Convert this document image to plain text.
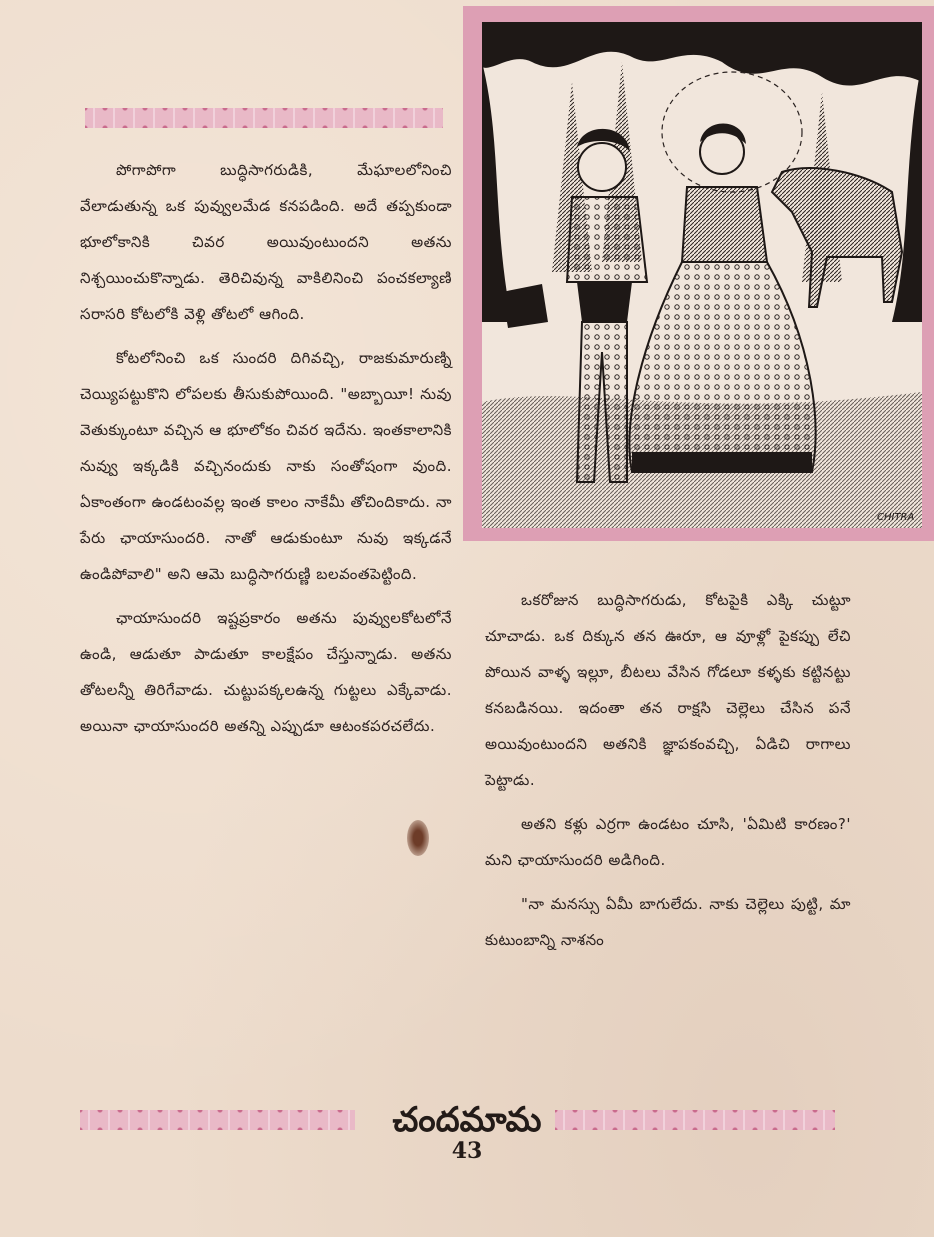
పోగాపోగా బుద్ధిసాగరుడికి, మేఘాలలోనించి వేలాడుతున్న ఒక పువ్వులమేడ కనపడింది. అదే తప్పకుండా భూలోకానికి చివర అయివుంటుందని అతను నిశ్చయించుకొన్నాడు. తెరిచివున్న వాకిలినించి పంచకల్యాణి సరాసరి కోటలోకి వెళ్లి తోటలో ఆగింది.

కోటలోనించి ఒక సుందరి దిగివచ్చి, రాజకుమారుణ్ని చెయ్యిపట్టుకొని లోపలకు తీసుకుపోయింది. "అబ్బాయీ! నువు వెతుక్కుంటూ వచ్చిన ఆ భూలోకం చివర ఇదేను. ఇంతకాలానికి నువ్వు ఇక్కడికి వచ్చినందుకు నాకు సంతోషంగా వుంది. ఏకాంతంగా ఉండటంవల్ల ఇంత కాలం నాకేమీ తోచిందికాదు. నా పేరు ఛాయాసుందరి. నాతో ఆడుకుంటూ నువు ఇక్కడనే ఉండిపోవాలి" అని ఆమె బుద్ధిసాగరుణ్ణి బలవంతపెట్టింది.

ఛాయాసుందరి ఇష్టప్రకారం అతను పువ్వులకోటలోనే ఉండి, ఆడుతూ పాడుతూ కాలక్షేపం చేస్తున్నాడు. అతను తోటలన్నీ తిరిగేవాడు. చుట్టుపక్కలఉన్న గుట్టలు ఎక్కేవాడు. అయినా ఛాయాసుందరి అతన్ని ఎప్పుడూ ఆటంకపరచలేదు.

CHITRA

ఒకరోజున బుద్ధిసాగరుడు, కోటపైకి ఎక్కి చుట్టూ చూచాడు. ఒక దిక్కున తన ఊరూ, ఆ వూళ్లో పైకప్పు లేచి పోయిన వాళ్ళ ఇల్లూ, బీటలు వేసిన గోడలూ కళ్ళకు కట్టినట్టు కనబడినయి. ఇదంతా తన రాక్షసి చెల్లెలు చేసిన పనే అయివుంటుందని అతనికి జ్ఞాపకంవచ్చి, ఏడిచి రాగాలు పెట్టాడు.

అతని కళ్లు ఎర్రగా ఉండటం చూసి, 'ఏమిటి కారణం?' మని ఛాయాసుందరి అడిగింది.

"నా మనస్సు ఏమీ బాగులేదు. నాకు చెల్లెలు పుట్టి, మా కుటుంబాన్ని నాశనం

చందమామ
43
